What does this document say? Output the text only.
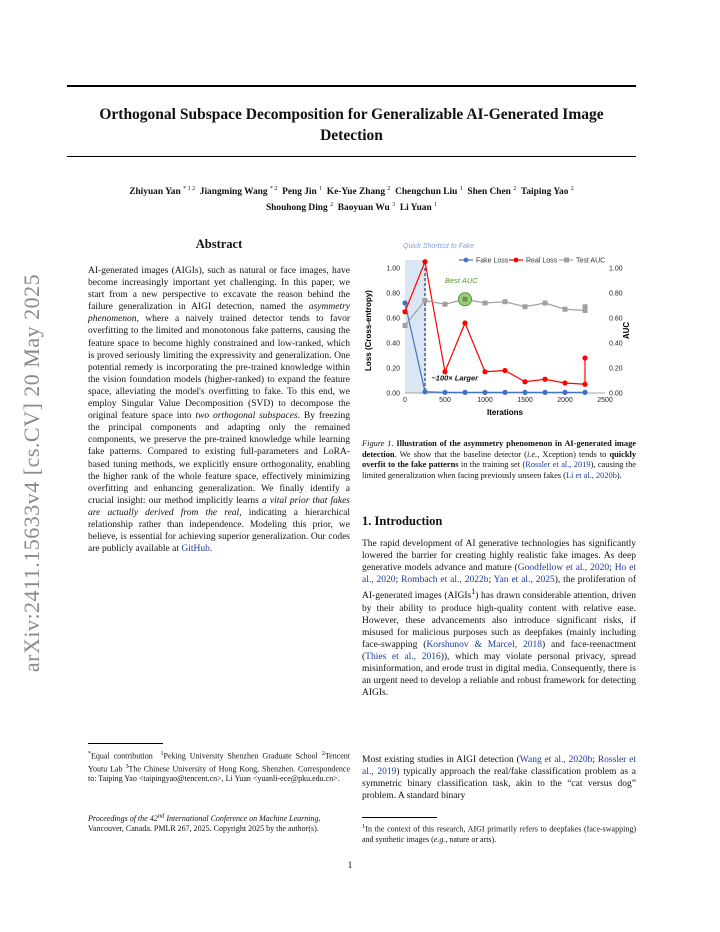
Orthogonal Subspace Decomposition for Generalizable AI-Generated Image Detection
Zhiyuan Yan $^{* 1 2}$  Jiangming Wang $^{* 2}$  Peng Jin $^1$  Ke-Yue Zhang $^2$  Chengchun Liu $^1$  Shen Chen $^2$  Taiping Yao $^2$
Shouhong Ding $^2$  Baoyuan Wu $^3$  Li Yuan $^1$
arXiv:2411.15633v4 [cs.CV] 20 May 2025
Abstract
AI-generated images (AIGIs), such as natural or face images, have become increasingly important yet challenging. In this paper, we start from a new perspective to excavate the reason behind the failure generalization in AIGI detection, named the asymmetry phenomenon, where a naively trained detector tends to favor overfitting to the limited and monotonous fake patterns, causing the feature space to become highly constrained and low-ranked, which is proved seriously limiting the expressivity and generalization. One potential remedy is incorporating the pre-trained knowledge within the vision foundation models (higher-ranked) to expand the feature space, alleviating the model's overfitting to fake. To this end, we employ Singular Value Decomposition (SVD) to decompose the original feature space into two orthogonal subspaces. By freezing the principal components and adapting only the remained components, we preserve the pre-trained knowledge while learning fake patterns. Compared to existing full-parameters and LoRA-based tuning methods, we explicitly ensure orthogonality, enabling the higher rank of the whole feature space, effectively minimizing overfitting and enhancing generalization. We finally identify a crucial insight: our method implicitly learns a vital prior that fakes are actually derived from the real, indicating a hierarchical relationship rather than independence. Modeling this prior, we believe, is essential for achieving superior generalization. Our codes are publicly available at GitHub.
*Equal contribution  $^1$Peking University Shenzhen Graduate School $^2$Tencent Youtu Lab $^3$The Chinese University of Hong Kong, Shenzhen. Correspondence to: Taiping Yao <taipingyao@tencent.cn>, Li Yuan <yuanli-ece@pku.edu.cn>.
Proceedings of the 42nd International Conference on Machine Learning, Vancouver, Canada. PMLR 267, 2025. Copyright 2025 by the author(s).
0	500	1000	1500	2000	2500
0.00
0.20
0.40
0.60
0.80
1.00
0.00
0.20
0.40
0.60
0.80
1.00
Iterations
Loss (Cross-entropy)	AUC
Quick Shortcut to Fake
Best AUC
~100× Larger
Fake Loss	Real Loss	Test AUC
Figure 1. Illustration of the asymmetry phenomenon in AI-generated image detection. We show that the baseline detector (i.e., Xception) tends to quickly overfit to the fake patterns in the training set (Rossler et al., 2019), causing the limited generalization when facing previously unseen fakes (Li et al., 2020b).
1. Introduction
The rapid development of AI generative technologies has significantly lowered the barrier for creating highly realistic fake images. As deep generative models advance and mature (Goodfellow et al., 2020; Ho et al., 2020; Rombach et al., 2022b; Yan et al., 2025), the proliferation of AI-generated images (AIGIs$^1$) has drawn considerable attention, driven by their ability to produce high-quality content with relative ease. However, these advancements also introduce significant risks, if misused for malicious purposes such as deepfakes (mainly including face-swapping (Korshunov & Marcel, 2018) and face-reenactment (Thies et al., 2016)), which may violate personal privacy, spread misinformation, and erode trust in digital media. Consequently, there is an urgent need to develop a reliable and robust framework for detecting AIGIs.
Most existing studies in AIGI detection (Wang et al., 2020b; Rossler et al., 2019) typically approach the real/fake classification problem as a symmetric binary classification task, akin to the “cat versus dog” problem. A standard binary
$^1$In the context of this research, AIGI primarily refers to deepfakes (face-swapping) and synthetic images (e.g., nature or arts).
1
